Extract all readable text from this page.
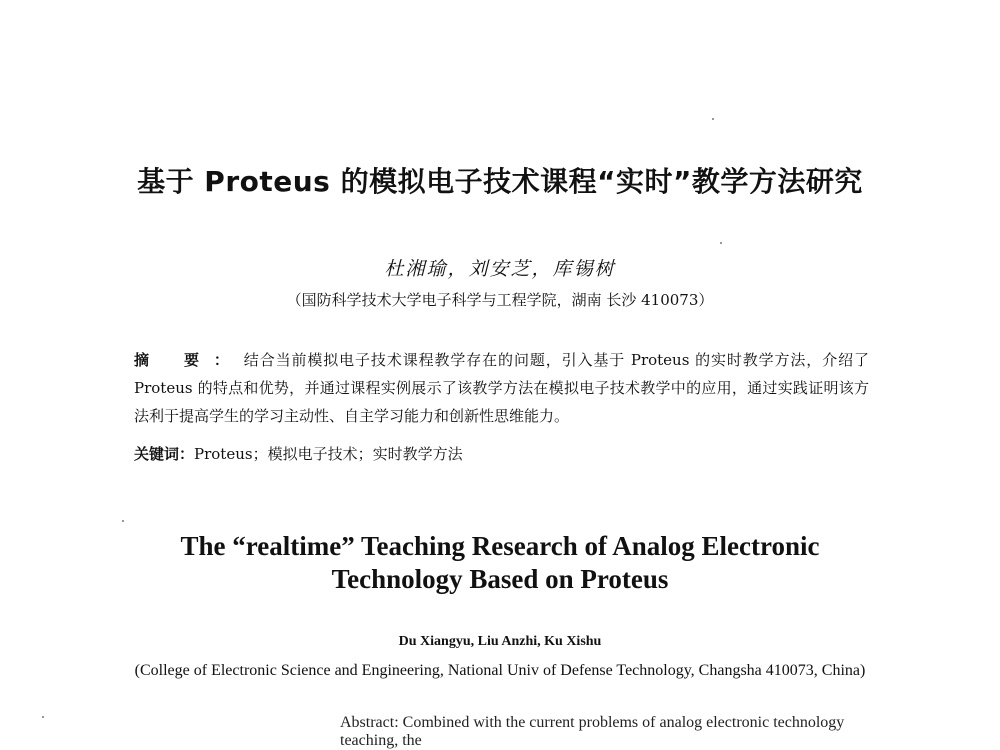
基于 Proteus 的模拟电子技术课程“实时”教学方法研究
杜湘瑜，刘安芝，库锡树
（国防科学技术大学电子科学与工程学院，湖南 长沙 410073）
摘 要：结合当前模拟电子技术课程教学存在的问题，引入基于 Proteus 的实时教学方法，介绍了 Proteus 的特点和优势，并通过课程实例展示了该教学方法在模拟电子技术教学中的应用，通过实践证明该方法利于提高学生的学习主动性、自主学习能力和创新性思维能力。
关键词：Proteus；模拟电子技术；实时教学方法
The “realtime” Teaching Research of Analog Electronic
Technology Based on Proteus
Du Xiangyu, Liu Anzhi, Ku Xishu
(College of Electronic Science and Engineering, National Univ of Defense Technology, Changsha 410073, China)
Abstract: Combined with the current problems of analog electronic technology teaching, the
